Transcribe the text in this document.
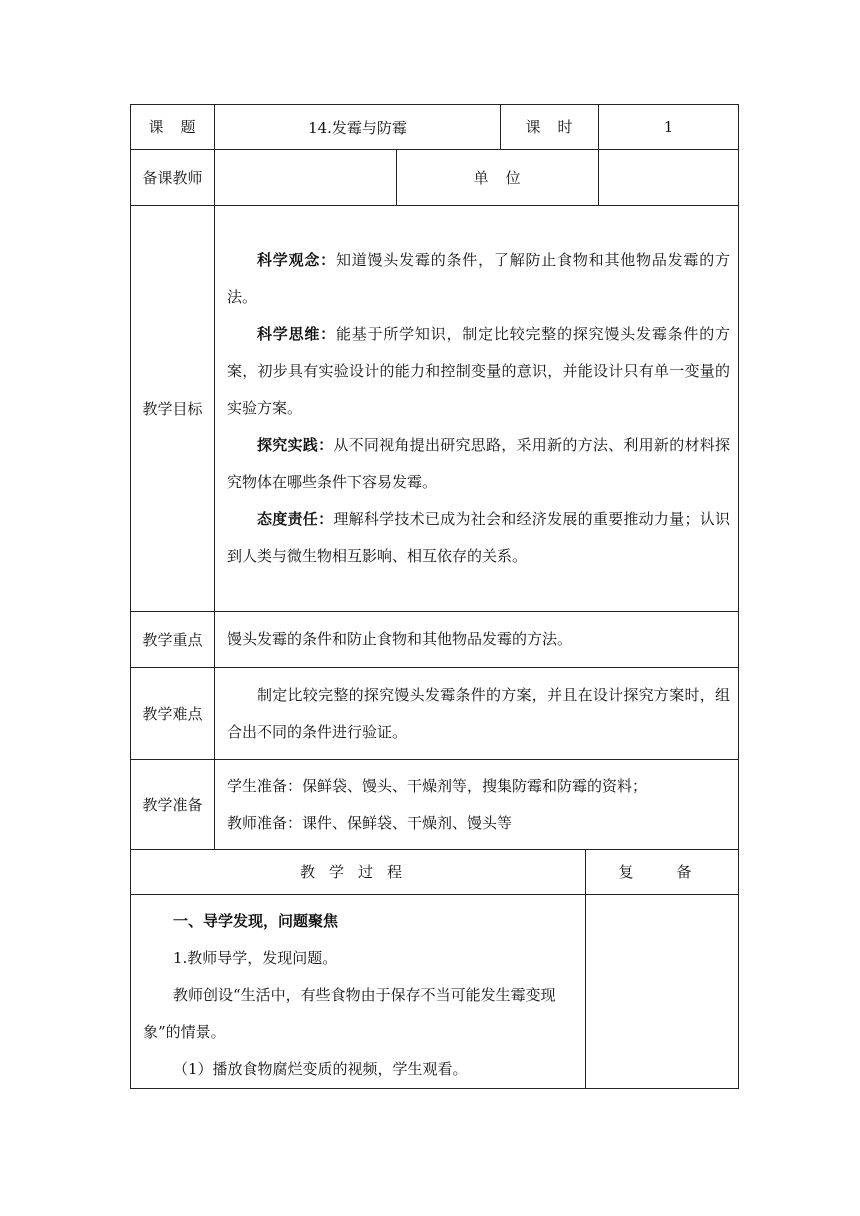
课　题	14.发霉与防霉		课　时	1
备课教师		单　位		
教学目标	科学观念：知道馒头发霉的条件，了解防止食物和其他物品发霉的方法。

科学思维：能基于所学知识，制定比较完整的探究馒头发霉条件的方案，初步具有实验设计的能力和控制变量的意识，并能设计只有单一变量的实验方案。

探究实践：从不同视角提出研究思路，采用新的方法、利用新的材料探究物体在哪些条件下容易发霉。

态度责任：理解科学技术已成为社会和经济发展的重要推动力量；认识到人类与微生物相互影响、相互依存的关系。			

教学重点	馒头发霉的条件和防止食物和其他物品发霉的方法。			

教学难点	制定比较完整的探究馒头发霉条件的方案，并且在设计探究方案时，组合出不同的条件进行验证。			

教学准备	学生准备：保鲜袋、馒头、干燥剂等，搜集防霉和防霉的资料；

教师准备：课件、保鲜袋、干燥剂、馒头等			

教学过程	复　备

一、导学发现，问题聚焦

1.教师导学，发现问题。

教师创设“生活中，有些食物由于保存不当可能发生霉变现象”的情景。

（1）播放食物腐烂变质的视频，学生观看。	
